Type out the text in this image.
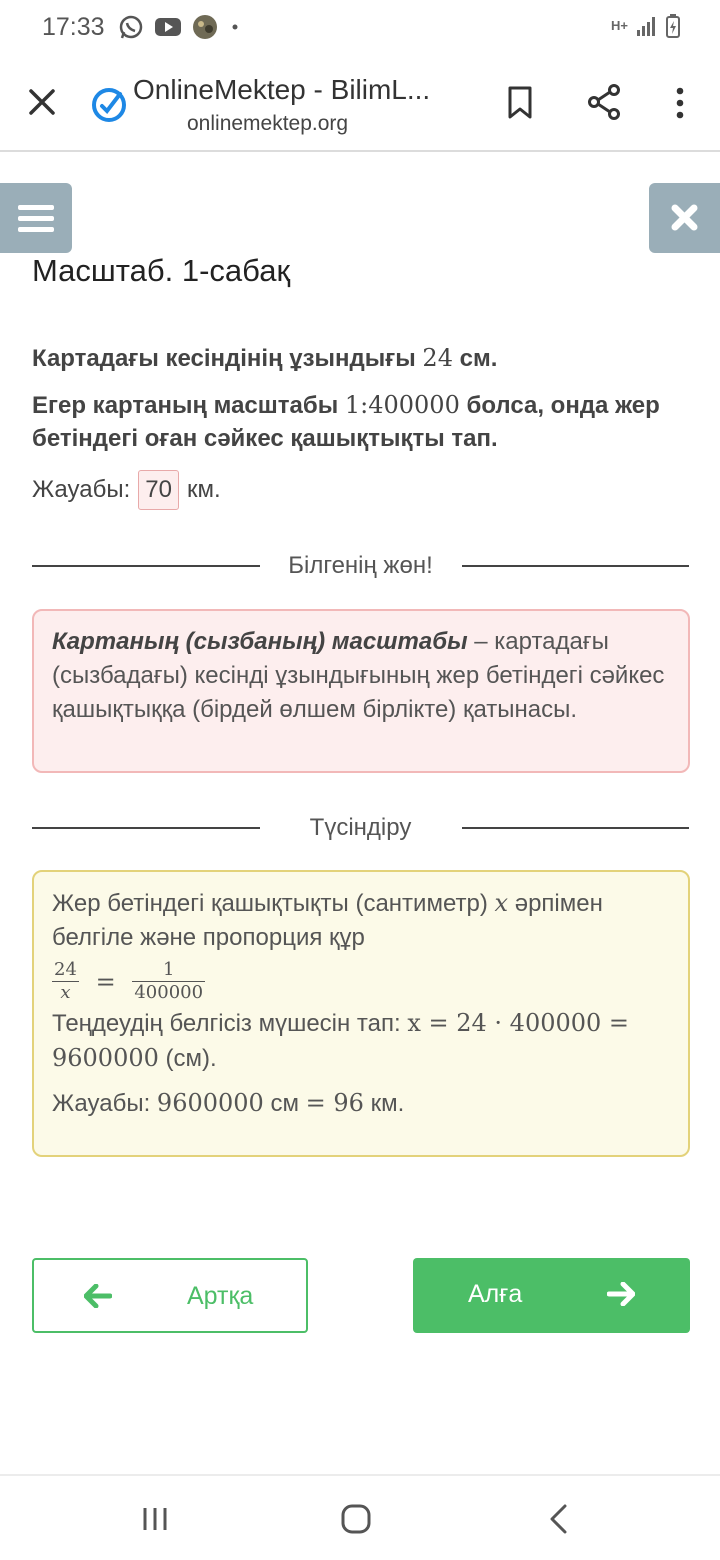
17:33	H+
OnlineMektep - BilimL...
onlinemektep.org
Масштаб. 1-сабақ
Картадағы кесіндінің ұзындығы 24 см.
Егер картаның масштабы 1:400000 болса, онда жер бетіндегі оған сәйкес қашықтықты тап.
Жауабы: 70 км.
Білгенің жөн!
Картаның (сызбаның) масштабы – картадағы (сызбадағы) кесінді ұзындығының жер бетіндегі сәйкес қашықтыққа (бірдей өлшем бірлікте) қатынасы.
Түсіндіру
Жер бетіндегі қашықтықты (сантиметр) x әрпімен белгіле және пропорция құр
$\frac{24}{x} = \frac{1}{400000}$
Теңдеудің белгісіз мүшесін тап: x = 24 · 400000 =
9600000 (см).
Жауабы: 9600000 см = 96 км.
Артқа	Алға
